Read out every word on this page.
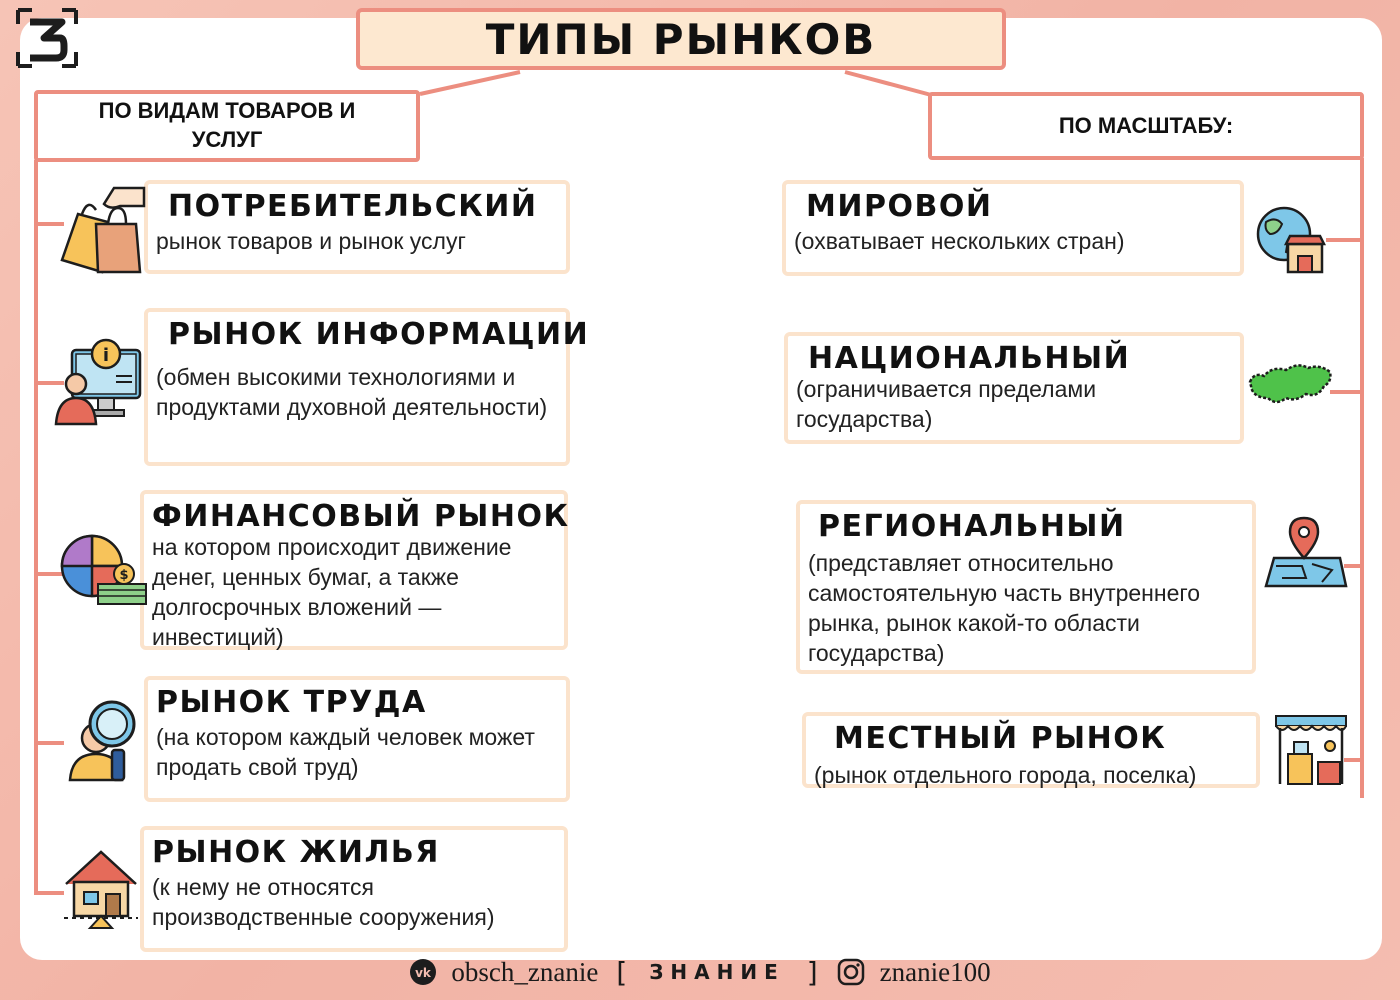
ТИПЫ РЫНКОВ
ПО ВИДАМ ТОВАРОВ И УСЛУГ
ПО МАСШТАБУ:
ПОТРЕБИТЕЛЬСКИЙ
рынок товаров и рынок услуг
РЫНОК ИНФОРМАЦИИ
(обмен высокими технологиями и продуктами духовной деятельности)
ФИНАНСОВЫЙ РЫНОК
на котором происходит движение денег, ценных бумаг, а также долгосрочных вложений — инвестиций)
РЫНОК ТРУДА
(на котором каждый человек может продать свой труд)
РЫНОК ЖИЛЬЯ
(к нему не относятся производственные сооружения)
МИРОВОЙ
(охватывает нескольких стран)
НАЦИОНАЛЬНЫЙ
(ограничивается пределами государства)
РЕГИОНАЛЬНЫЙ
(представляет относительно самостоятельную часть внутреннего рынка, рынок какой-то области государства)
МЕСТНЫЙ РЫНОК
(рынок отдельного города, поселка)
i
$
vk obsch_znanie [	ЗНАНИЕ ] znanie100
